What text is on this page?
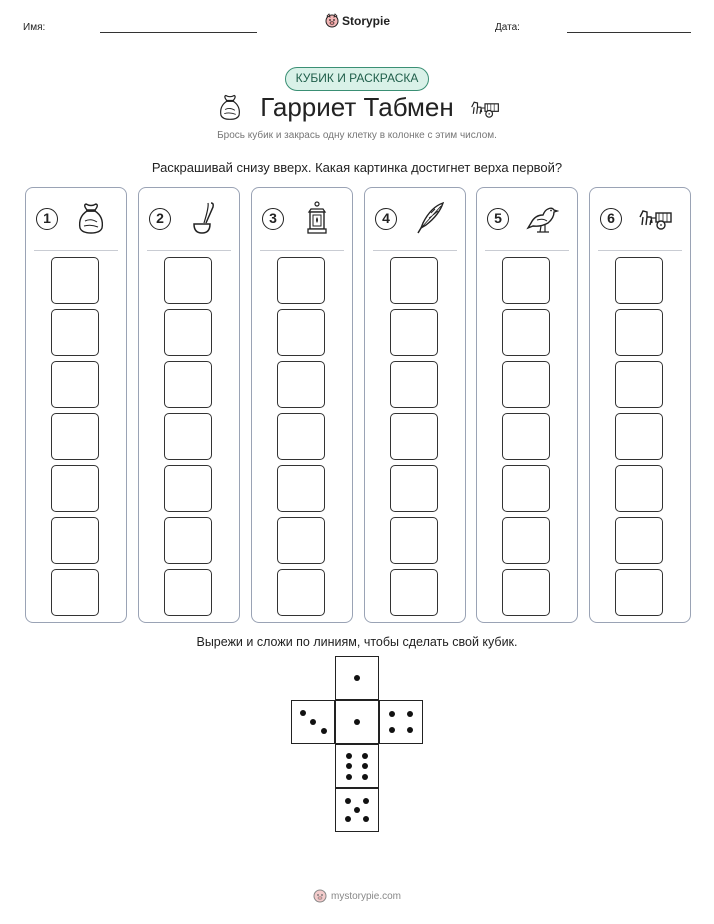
Имя:	Storypie	Дата:
КУБИК И РАСКРАСКА
Гарриет Табмен
Брось кубик и закрась одну клетку в колонке с этим числом.
Раскрашивай снизу вверх. Какая картинка достигнет верха первой?
1	2	3	4	5	6
Вырежи и сложи по линиям, чтобы сделать свой кубик.
mystorypie.com
